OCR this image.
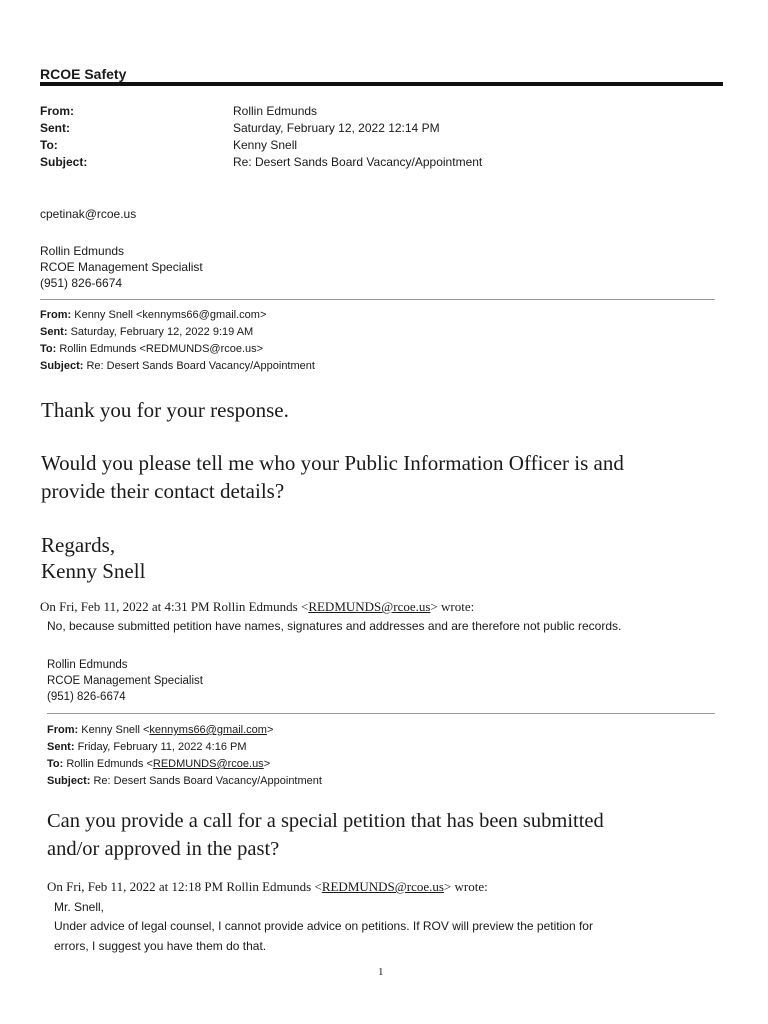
RCOE Safety
From:	Rollin Edmunds
Sent:	Saturday, February 12, 2022 12:14 PM
To:	Kenny Snell
Subject:	Re: Desert Sands Board Vacancy/Appointment
cpetinak@rcoe.us
Rollin Edmunds
RCOE Management Specialist
(951) 826-6674
From: Kenny Snell <kennyms66@gmail.com>
Sent: Saturday, February 12, 2022 9:19 AM
To: Rollin Edmunds <REDMUNDS@rcoe.us>
Subject: Re: Desert Sands Board Vacancy/Appointment
Thank you for your response.
Would you please tell me who your Public Information Officer is and
provide their contact details?
Regards,
Kenny Snell
On Fri, Feb 11, 2022 at 4:31 PM Rollin Edmunds <REDMUNDS@rcoe.us> wrote:
No, because submitted petition have names, signatures and addresses and are therefore not public records.
Rollin Edmunds
RCOE Management Specialist
(951) 826-6674
From: Kenny Snell <kennyms66@gmail.com>
Sent: Friday, February 11, 2022 4:16 PM
To: Rollin Edmunds <REDMUNDS@rcoe.us>
Subject: Re: Desert Sands Board Vacancy/Appointment
Can you provide a call for a special petition that has been submitted
and/or approved in the past?
On Fri, Feb 11, 2022 at 12:18 PM Rollin Edmunds <REDMUNDS@rcoe.us> wrote:
Mr. Snell,
Under advice of legal counsel, I cannot provide advice on petitions. If ROV will preview the petition for
errors, I suggest you have them do that.
1
